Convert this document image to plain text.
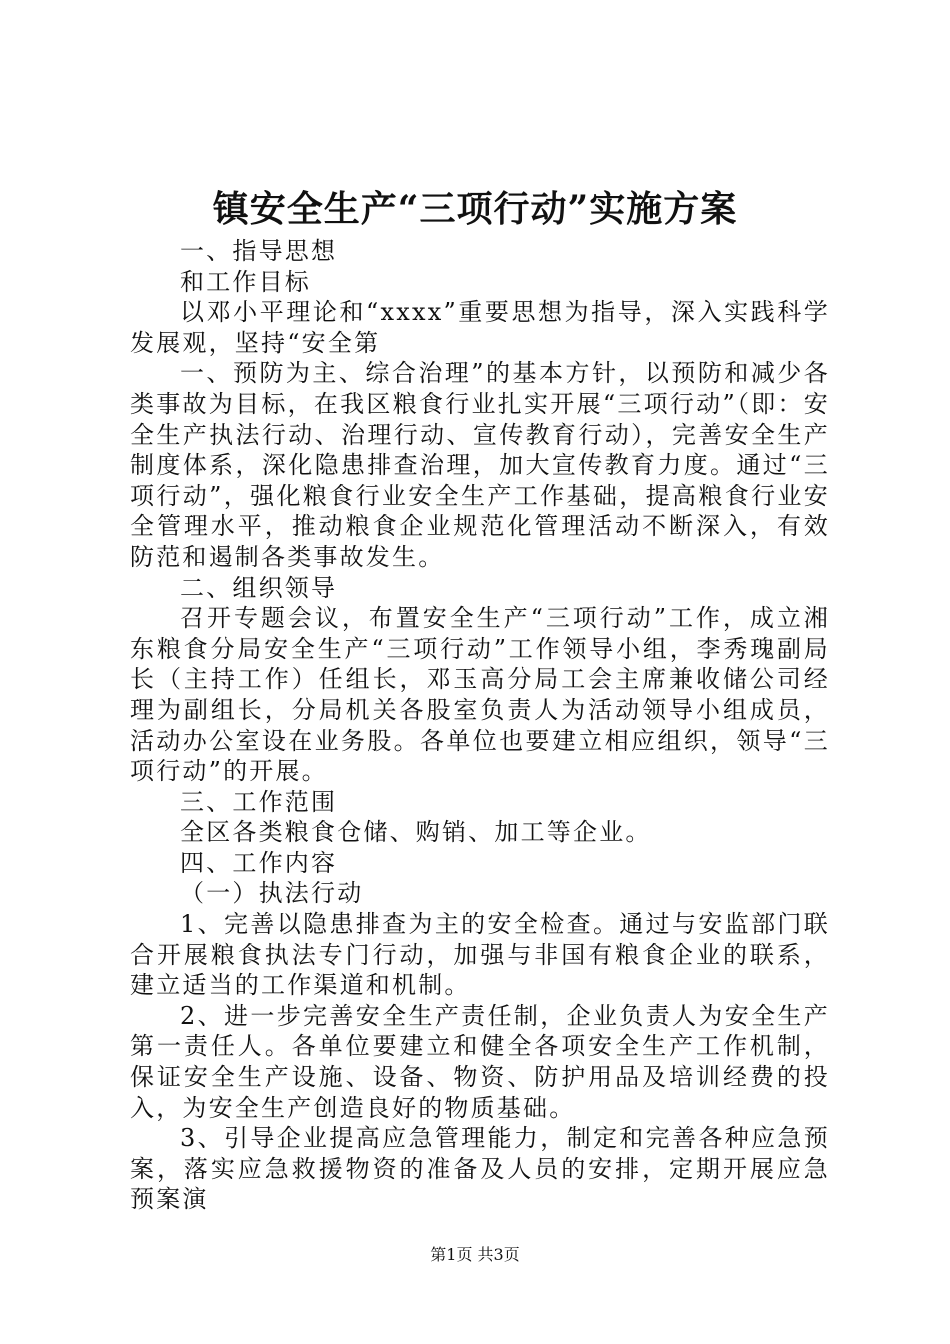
镇安全生产“三项行动”实施方案

一、指导思想

和工作目标

以邓小平理论和“xxxx”重要思想为指导，深入实践科学发展观，坚持“安全第

一、预防为主、综合治理”的基本方针，以预防和减少各类事故为目标，在我区粮食行业扎实开展“三项行动”（即：安全生产执法行动、治理行动、宣传教育行动），完善安全生产制度体系，深化隐患排查治理，加大宣传教育力度。通过“三项行动”，强化粮食行业安全生产工作基础，提高粮食行业安全管理水平，推动粮食企业规范化管理活动不断深入，有效防范和遏制各类事故发生。

二、组织领导

召开专题会议，布置安全生产“三项行动”工作，成立湘东粮食分局安全生产“三项行动”工作领导小组，李秀瑰副局长（主持工作）任组长，邓玉高分局工会主席兼收储公司经理为副组长，分局机关各股室负责人为活动领导小组成员，活动办公室设在业务股。各单位也要建立相应组织，领导“三项行动”的开展。

三、工作范围

全区各类粮食仓储、购销、加工等企业。

四、工作内容

（一）执法行动

1、完善以隐患排查为主的安全检查。通过与安监部门联合开展粮食执法专门行动，加强与非国有粮食企业的联系，建立适当的工作渠道和机制。

2、进一步完善安全生产责任制，企业负责人为安全生产第一责任人。各单位要建立和健全各项安全生产工作机制，保证安全生产设施、设备、物资、防护用品及培训经费的投入，为安全生产创造良好的物质基础。

3、引导企业提高应急管理能力，制定和完善各种应急预案，落实应急救援物资的准备及人员的安排，定期开展应急预案演

第1页 共3页
